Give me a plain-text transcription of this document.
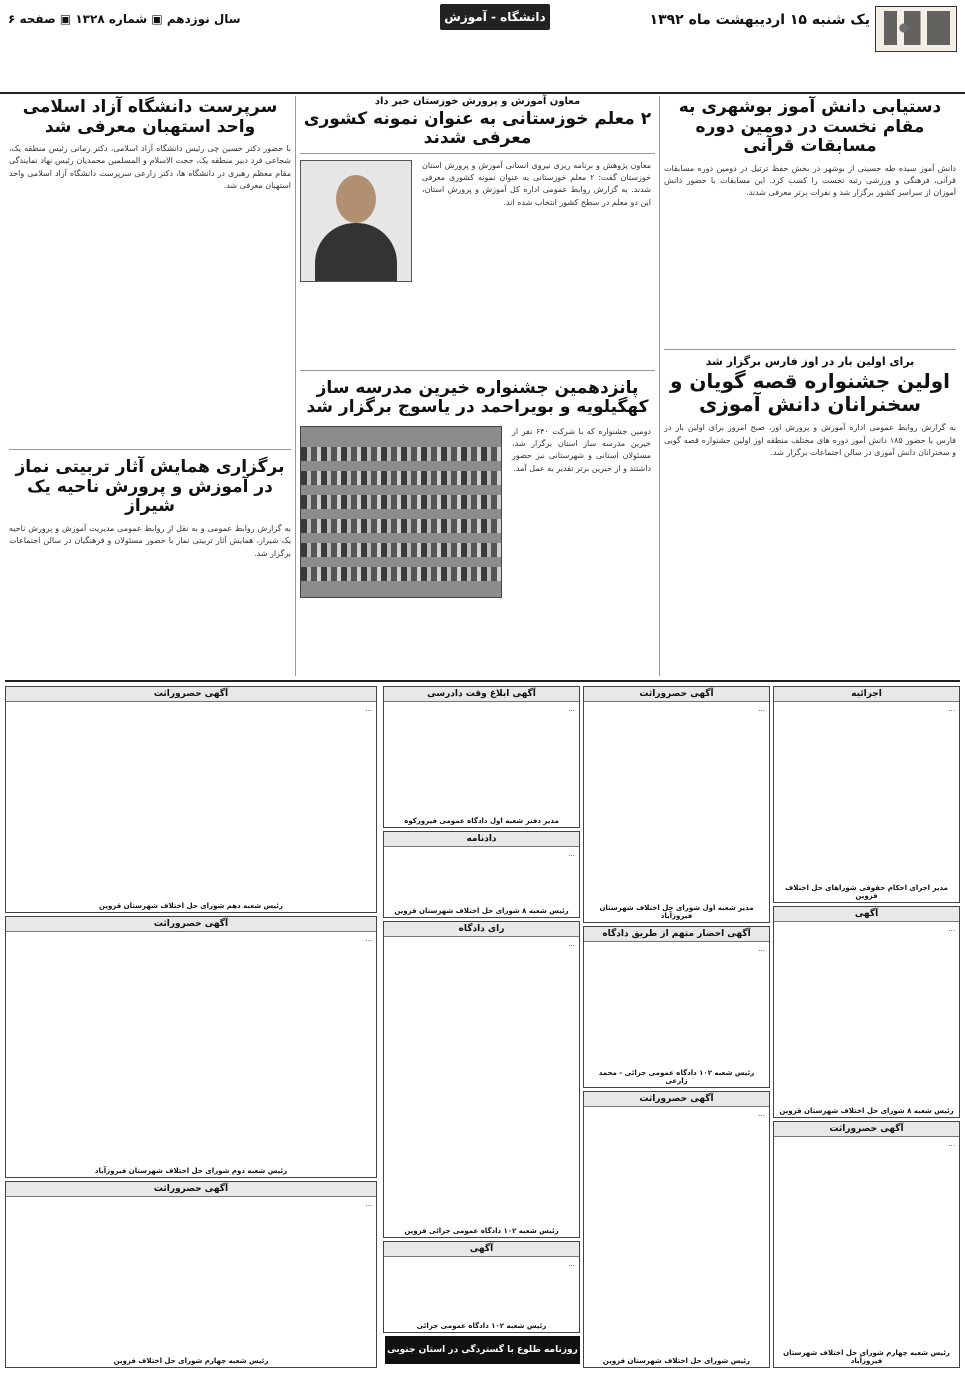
یک شنبه ۱۵ اردیبهشت ماه ۱۳۹۲
دانشگاه - آموزش و پرورش
سال نوزدهم ▣ شماره ۱۳۲۸ ▣ صفحه ۶
دستیابی دانش آموز بوشهری به مقام نخست در دومین دوره مسابقات قرآنی
دانش آموز سیده طه حسینی از بوشهر در بخش حفظ ترتیل در دومین دوره مسابقات قرآنی، فرهنگی و ورزشی رتبه نخست را کسب کرد. این مسابقات با حضور دانش آموزان از سراسر کشور برگزار شد و نفرات برتر معرفی شدند.
برای اولین بار در اوز فارس برگزار شد
اولین جشنواره قصه گویان و سخنرانان دانش آموزی
به گزارش روابط عمومی اداره آموزش و پرورش اوز، صبح امروز برای اولین بار در فارس با حضور ۱۸۵ دانش آموز دوره های مختلف منطقه اوز اولین جشنواره قصه گویی و سخنرانان دانش آموزی در سالن اجتماعات برگزار شد.
معاون آموزش و پرورش خوزستان خبر داد
۲ معلم خوزستانی به عنوان نمونه کشوری معرفی شدند
معاون پژوهش و برنامه ریزی نیروی انسانی آموزش و پرورش استان خوزستان گفت: ۲ معلم خوزستانی به عنوان نمونه کشوری معرفی شدند. به گزارش روابط عمومی اداره کل آموزش و پرورش استان، این دو معلم در سطح کشور انتخاب شده اند.
پانزدهمین جشنواره خیرین مدرسه ساز کهگیلویه و بویراحمد در یاسوج برگزار شد
دومین جشنواره که با شرکت ۶۴۰ نفر از خیرین مدرسه ساز استان برگزار شد، مسئولان استانی و شهرستانی نیز حضور داشتند و از خیرین برتر تقدیر به عمل آمد.
سرپرست دانشگاه آزاد اسلامی واحد استهبان معرفی شد
با حضور دکتر حسین چی رئیس دانشگاه آزاد اسلامی، دکتر زمانی رئیس منطقه یک، شجاعی فرد دبیر منطقه یک، حجت الاسلام و المسلمین محمدیان رئیس نهاد نمایندگی مقام معظم رهبری در دانشگاه ها، دکتر زارعی سرپرست دانشگاه آزاد اسلامی واحد استهبان معرفی شد.
برگزاری همایش آثار تربیتی نماز در آموزش و پرورش ناحیه یک شیراز
به گزارش روابط عمومی و به نقل از روابط عمومی مدیریت آموزش و پرورش ناحیه یک شیراز، همایش آثار تربیتی نماز با حضور مسئولان و فرهنگیان در سالن اجتماعات برگزار شد.
اجرائیه
...
مدیر اجرای احکام حقوقی شوراهای حل اختلاف قزوین
آگهی
...
رئیس شعبه ۸ شورای حل اختلاف شهرستان قزوین
آگهی حصروراثت
...
رئیس شعبه چهارم شورای حل اختلاف شهرستان فیروزآباد
آگهی حصروراثت
...
مدیر شعبه اول شورای حل اختلاف شهرستان فیروزآباد
آگهی احضار متهم از طریق دادگاه
...
رئیس شعبه ۱۰۲ دادگاه عمومی جزائی - محمد زارعی
آگهی حصروراثت
...
رئیس شورای حل اختلاف شهرستان قزوین
آگهی ابلاغ وقت دادرسی
...
مدیر دفتر شعبه اول دادگاه عمومی فیروزکوه
دادنامه
...
رئیس شعبه ۸ شورای حل اختلاف شهرستان قزوین
رای دادگاه
...
رئیس شعبه ۱۰۲ دادگاه عمومی جزائی قزوین
آگهی
...
رئیس شعبه ۱۰۲ دادگاه عمومی جزائی
روزنامه طلوع با گستردگی در استان جنوبی آگهی و اشتراک می پذیرد
آگهی حصروراثت
...
رئیس شعبه دهم شورای حل اختلاف شهرستان قزوین
آگهی حصروراثت
...
رئیس شعبه دوم شورای حل اختلاف شهرستان فیروزآباد
آگهی حصروراثت
...
رئیس شعبه چهارم شورای حل اختلاف قزوین
